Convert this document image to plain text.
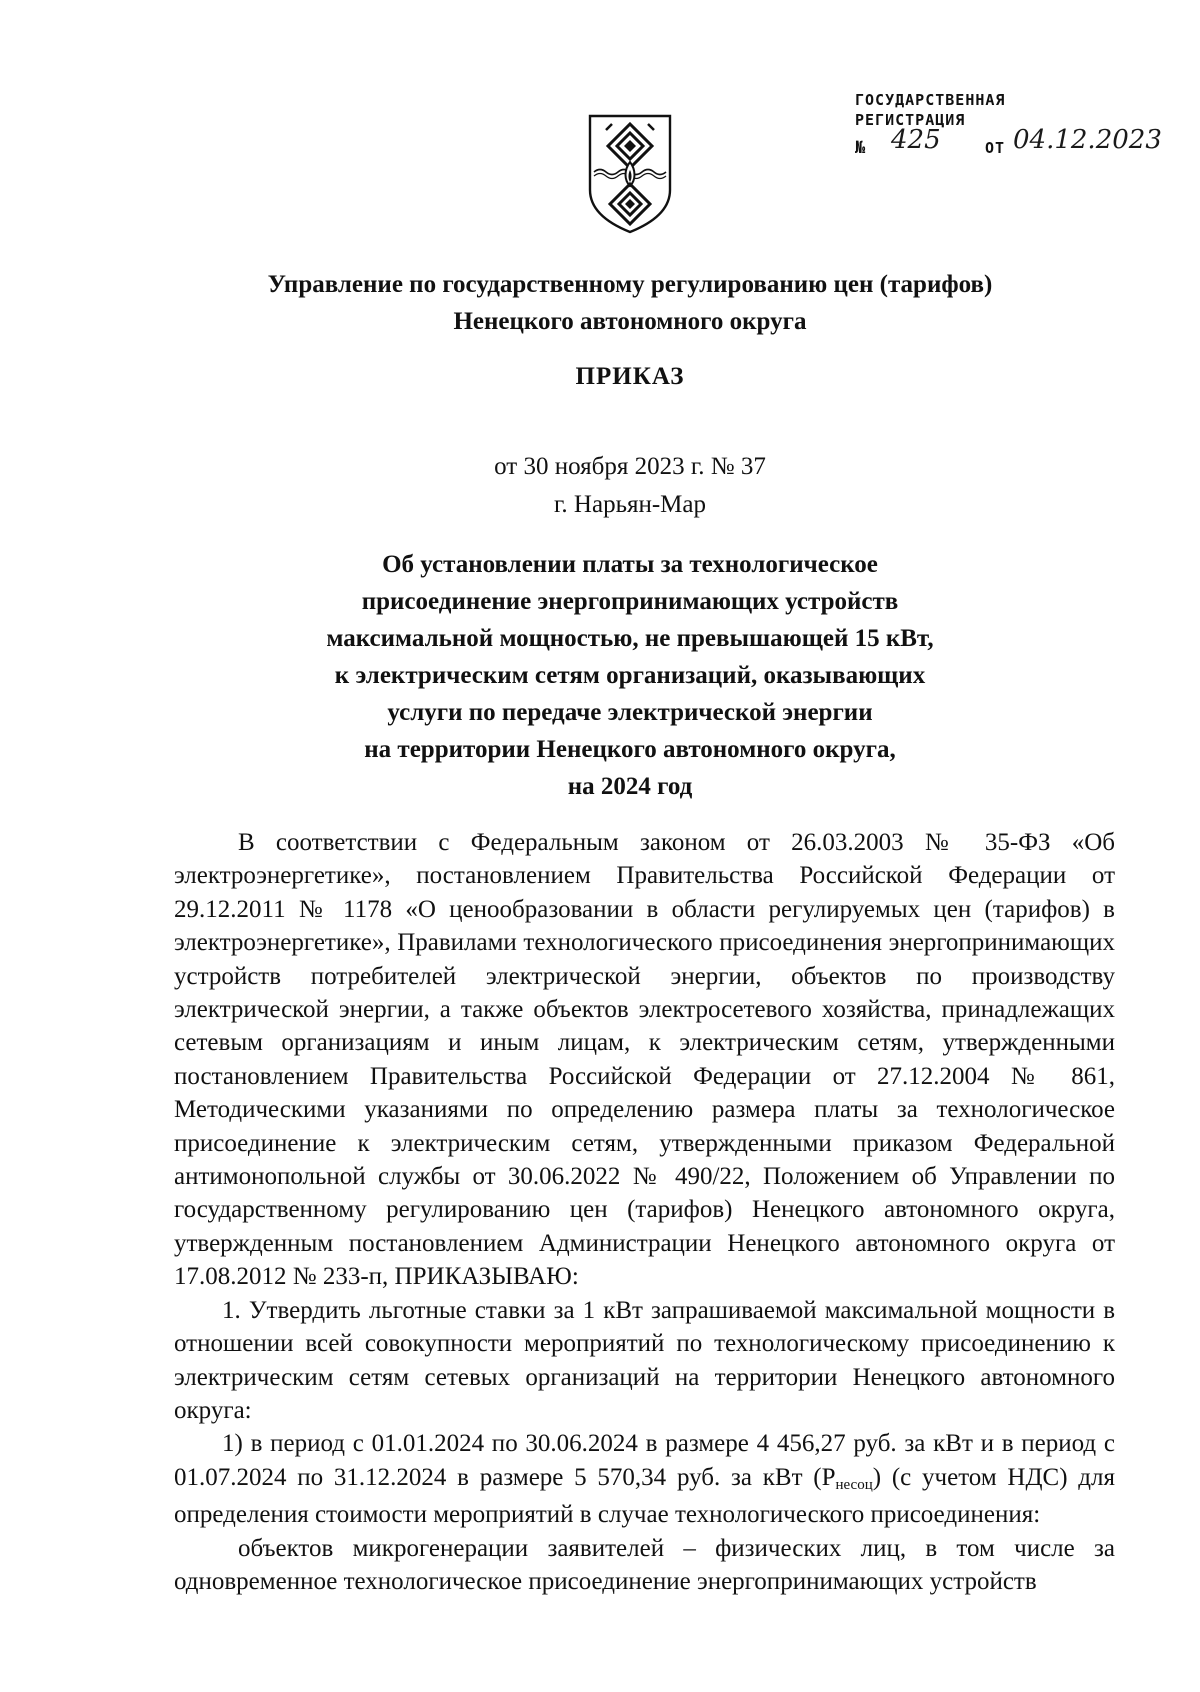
ГОСУДАРСТВЕННАЯ
РЕГИСТРАЦИЯ
№ 425	ОТ 04.12.2023
Управление по государственному регулированию цен (тарифов)
Ненецкого автономного округа
ПРИКАЗ
от 30 ноября 2023 г. № 37
г. Нарьян-Мар
Об установлении платы за технологическое
присоединение энергопринимающих устройств
максимальной мощностью, не превышающей 15 кВт,
к электрическим сетям организаций, оказывающих
услуги по передаче электрической энергии
на территории Ненецкого автономного округа,
на 2024 год

В соответствии с Федеральным законом от 26.03.2003 № 35-ФЗ «Об электроэнергетике», постановлением Правительства Российской Федерации от 29.12.2011 № 1178 «О ценообразовании в области регулируемых цен (тарифов) в электроэнергетике», Правилами технологического присоединения энергопринимающих устройств потребителей электрической энергии, объектов по производству электрической энергии, а также объектов электросетевого хозяйства, принадлежащих сетевым организациям и иным лицам, к электрическим сетям, утвержденными постановлением Правительства Российской Федерации от 27.12.2004 № 861, Методическими указаниями по определению размера платы за технологическое присоединение к электрическим сетям, утвержденными приказом Федеральной антимонопольной службы от 30.06.2022 № 490/22, Положением об Управлении по государственному регулированию цен (тарифов) Ненецкого автономного округа, утвержденным постановлением Администрации Ненецкого автономного округа от 17.08.2012 № 233-п, ПРИКАЗЫВАЮ:

1. Утвердить льготные ставки за 1 кВт запрашиваемой максимальной мощности в отношении всей совокупности мероприятий по технологическому присоединению к электрическим сетям сетевых организаций на территории Ненецкого автономного округа:

1) в период с 01.01.2024 по 30.06.2024 в размере 4 456,27 руб. за кВт и в период с 01.07.2024 по 31.12.2024 в размере 5 570,34 руб. за кВт $(P_{несоц})$ (с учетом НДС) для определения стоимости мероприятий в случае технологического присоединения:

объектов микрогенерации заявителей – физических лиц, в том числе за одновременное технологическое присоединение энергопринимающих устройств
